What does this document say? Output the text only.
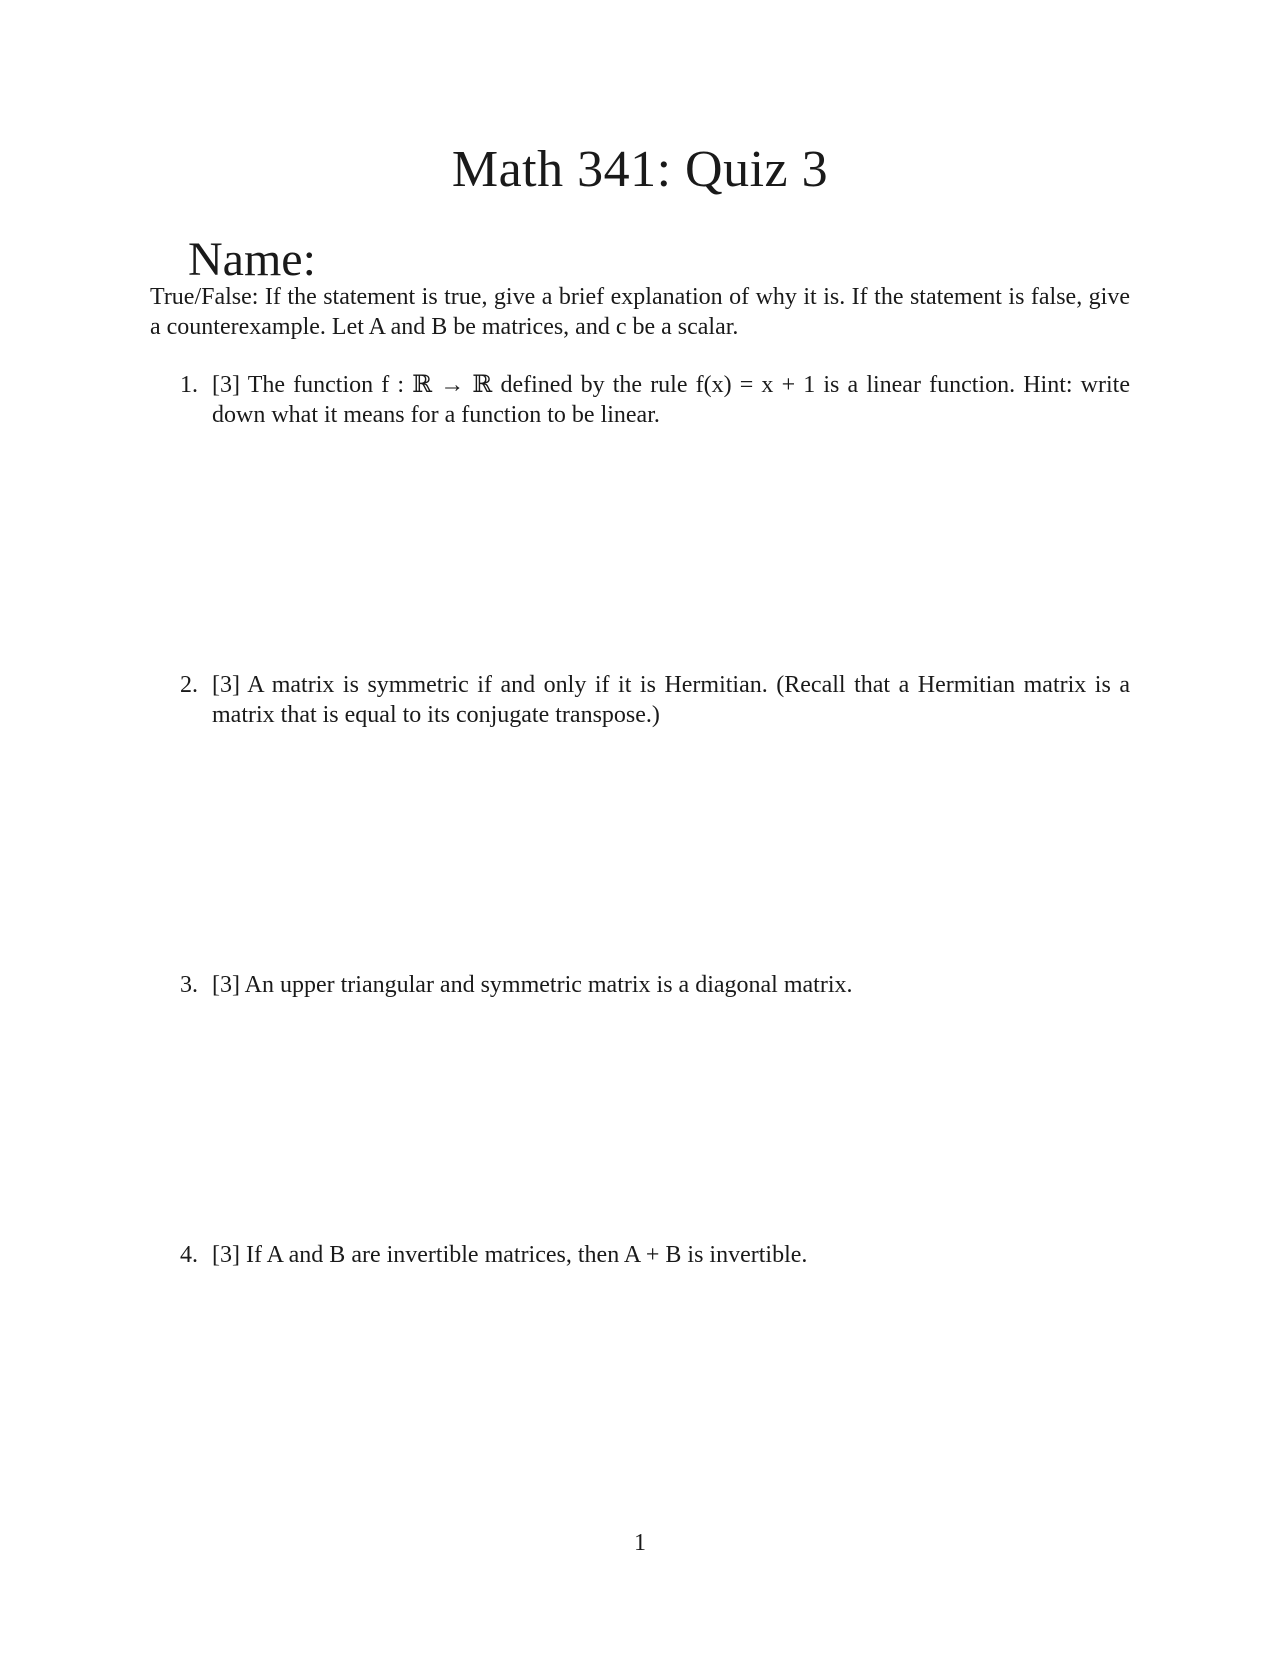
Math 341: Quiz 3
Name:
True/False: If the statement is true, give a brief explanation of why it is. If the statement is false, give a counterexample. Let A and B be matrices, and c be a scalar.
1. [3] The function f : ℝ → ℝ defined by the rule f(x) = x + 1 is a linear function. Hint: write down what it means for a function to be linear.
2. [3] A matrix is symmetric if and only if it is Hermitian. (Recall that a Hermitian matrix is a matrix that is equal to its conjugate transpose.)
3. [3] An upper triangular and symmetric matrix is a diagonal matrix.
4. [3] If A and B are invertible matrices, then A + B is invertible.
1
